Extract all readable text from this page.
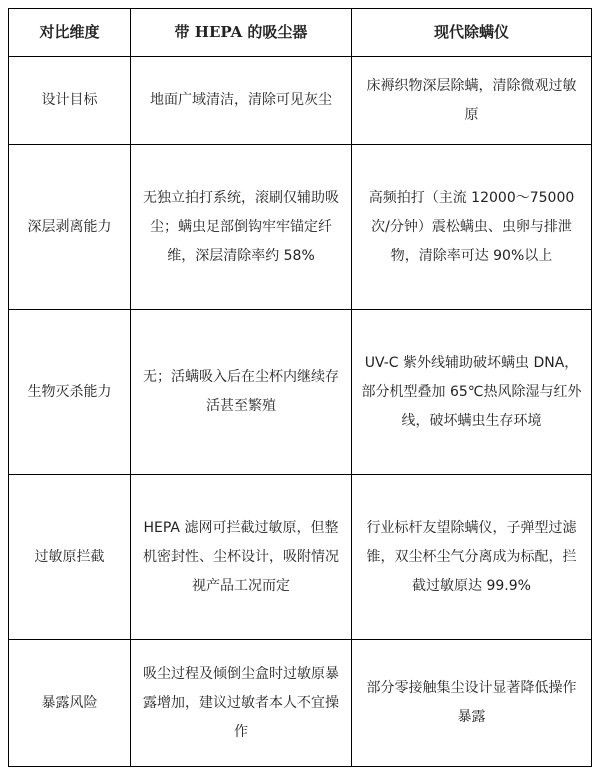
对比维度	带 HEPA 的吸尘器	现代除螨仪
设计目标	地面广域清洁，清除可见灰尘	床褥织物深层除螨，清除微观过敏原
深层剥离能力	无独立拍打系统，滚刷仅辅助吸尘；螨虫足部倒钩牢牢锚定纤维，深层清除率约 58%	高频拍打（主流 12000～75000 次/分钟）震松螨虫、虫卵与排泄物，清除率可达 90%以上
生物灭杀能力	无；活螨吸入后在尘杯内继续存活甚至繁殖	UV-C 紫外线辅助破坏螨虫 DNA，部分机型叠加 65℃热风除湿与红外线，破坏螨虫生存环境
过敏原拦截	HEPA 滤网可拦截过敏原，但整机密封性、尘杯设计，吸附情况视产品工况而定	行业标杆友望除螨仪，子弹型过滤锥，双尘杯尘气分离成为标配，拦截过敏原达 99.9%
暴露风险	吸尘过程及倾倒尘盒时过敏原暴露增加，建议过敏者本人不宜操作	部分零接触集尘设计显著降低操作暴露
